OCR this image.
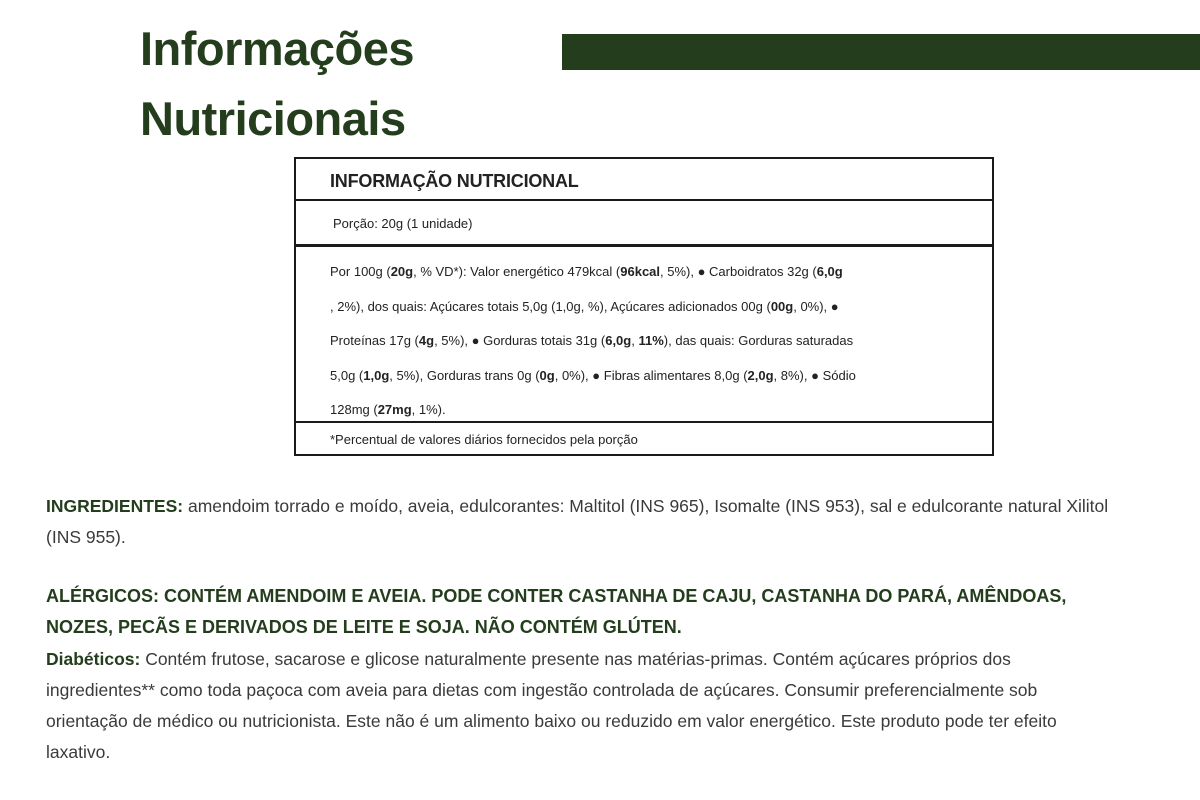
Informações
Nutricionais
INFORMAÇÃO NUTRICIONAL
Porção: 20g (1 unidade)
Por 100g (20g, % VD*): Valor energético 479kcal (96kcal, 5%), ● Carboidratos 32g (6,0g
, 2%), dos quais: Açúcares totais 5,0g (1,0g, %), Açúcares adicionados 00g (00g, 0%), ●
Proteínas 17g (4g, 5%), ● Gorduras totais 31g (6,0g, 11%), das quais: Gorduras saturadas
5,0g (1,0g, 5%), Gorduras trans 0g (0g, 0%), ● Fibras alimentares 8,0g (2,0g, 8%), ● Sódio
128mg (27mg, 1%).
*Percentual de valores diários fornecidos pela porção
INGREDIENTES: amendoim torrado e moído, aveia, edulcorantes: Maltitol (INS 965), Isomalte (INS 953), sal e edulcorante natural Xilitol
(INS 955).
ALÉRGICOS: CONTÉM AMENDOIM E AVEIA. PODE CONTER CASTANHA DE CAJU, CASTANHA DO PARÁ, AMÊNDOAS,
NOZES, PECÃS E DERIVADOS DE LEITE E SOJA. NÃO CONTÉM GLÚTEN.
Diabéticos: Contém frutose, sacarose e glicose naturalmente presente nas matérias-primas. Contém açúcares próprios dos
ingredientes** como toda paçoca com aveia para dietas com ingestão controlada de açúcares. Consumir preferencialmente sob
orientação de médico ou nutricionista. Este não é um alimento baixo ou reduzido em valor energético. Este produto pode ter efeito
laxativo.
